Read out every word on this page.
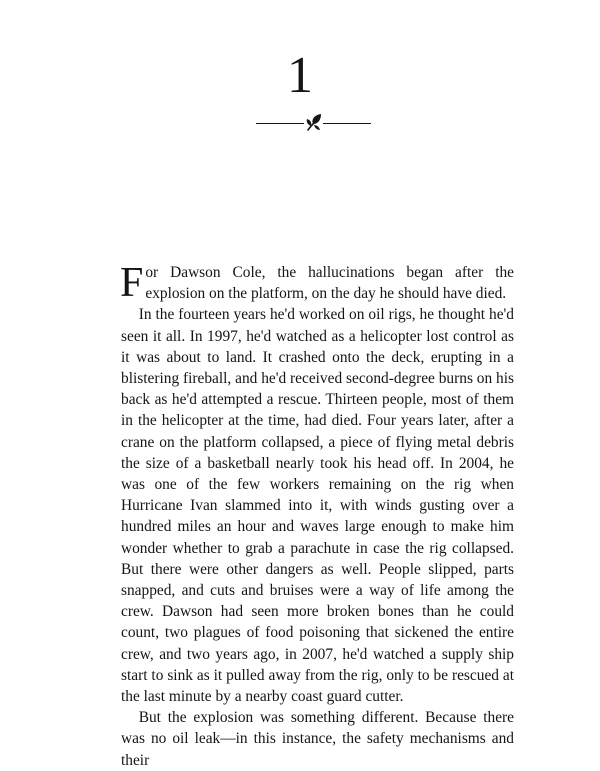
1

For Dawson Cole, the hallucinations began after the explosion on the platform, on the day he should have died.

In the fourteen years he'd worked on oil rigs, he thought he'd seen it all. In 1997, he'd watched as a helicopter lost control as it was about to land. It crashed onto the deck, erupting in a blistering fireball, and he'd received second-degree burns on his back as he'd attempted a rescue. Thirteen people, most of them in the helicopter at the time, had died. Four years later, after a crane on the platform collapsed, a piece of flying metal debris the size of a basketball nearly took his head off. In 2004, he was one of the few workers remaining on the rig when Hurricane Ivan slammed into it, with winds gusting over a hundred miles an hour and waves large enough to make him wonder whether to grab a parachute in case the rig collapsed. But there were other dangers as well. People slipped, parts snapped, and cuts and bruises were a way of life among the crew. Dawson had seen more broken bones than he could count, two plagues of food poisoning that sickened the entire crew, and two years ago, in 2007, he'd watched a supply ship start to sink as it pulled away from the rig, only to be rescued at the last minute by a nearby coast guard cutter.

But the explosion was something different. Because there was no oil leak—in this instance, the safety mechanisms and their
